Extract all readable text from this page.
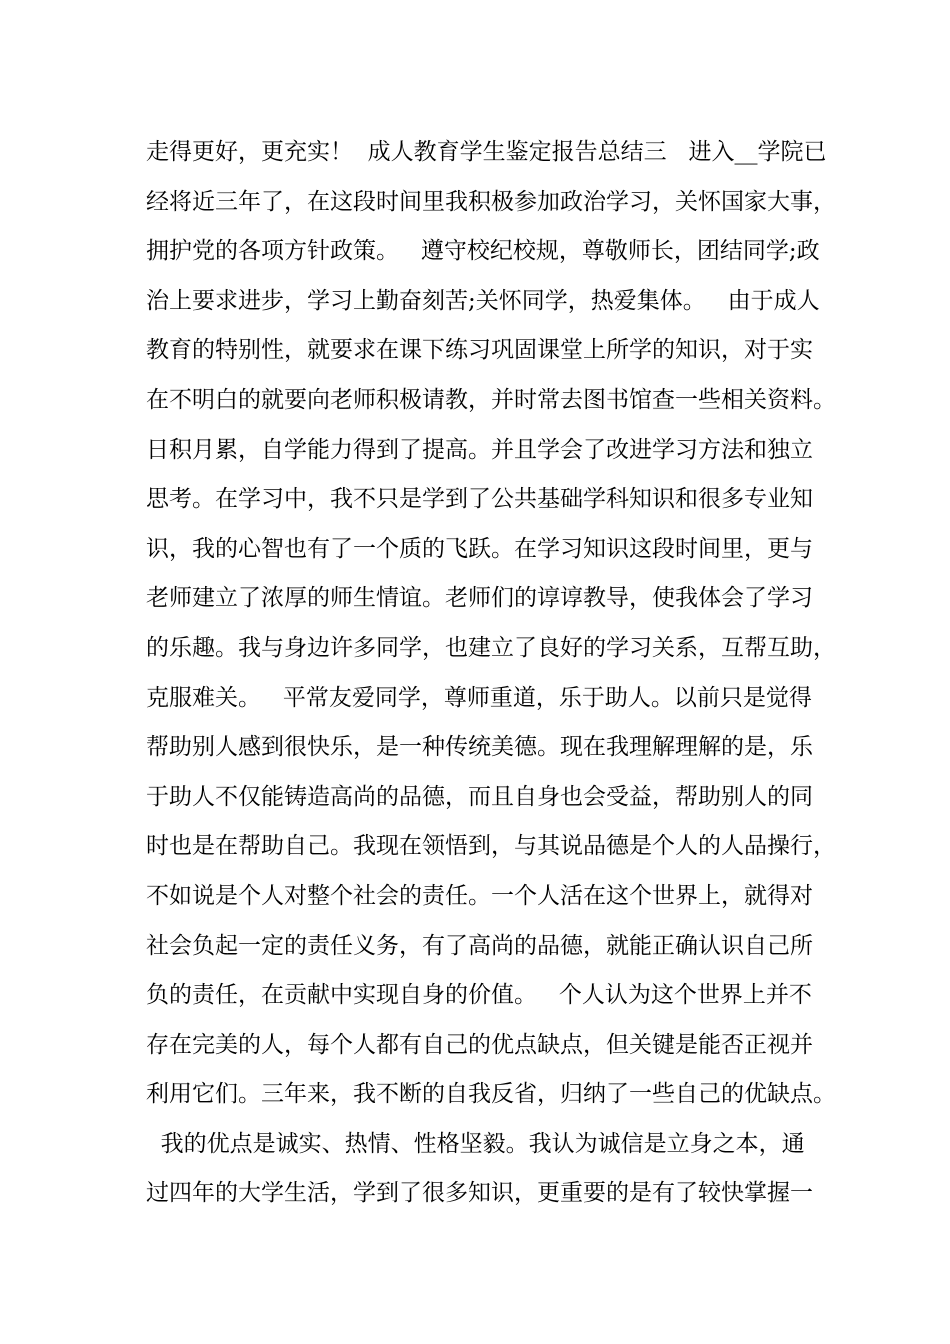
走得更好，更充实！  成人教育学生鉴定报告总结三   进入__学院已
经将近三年了，在这段时间里我积极参加政治学习，关怀国家大事，
拥护党的各项方针政策。   遵守校纪校规，尊敬师长，团结同学;政
治上要求进步，学习上勤奋刻苦;关怀同学，热爱集体。   由于成人
教育的特别性，就要求在课下练习巩固课堂上所学的知识，对于实
在不明白的就要向老师积极请教，并时常去图书馆查一些相关资料。
日积月累，自学能力得到了提高。并且学会了改进学习方法和独立
思考。在学习中，我不只是学到了公共基础学科知识和很多专业知
识，我的心智也有了一个质的飞跃。在学习知识这段时间里，更与
老师建立了浓厚的师生情谊。老师们的谆谆教导，使我体会了学习
的乐趣。我与身边许多同学，也建立了良好的学习关系，互帮互助，
克服难关。   平常友爱同学，尊师重道，乐于助人。以前只是觉得
帮助别人感到很快乐，是一种传统美德。现在我理解理解的是，乐
于助人不仅能铸造高尚的品德，而且自身也会受益，帮助别人的同
时也是在帮助自己。我现在领悟到，与其说品德是个人的人品操行，
不如说是个人对整个社会的责任。一个人活在这个世界上，就得对
社会负起一定的责任义务，有了高尚的品德，就能正确认识自己所
负的责任，在贡献中实现自身的价值。   个人认为这个世界上并不
存在完美的人，每个人都有自己的优点缺点，但关键是能否正视并
利用它们。三年来，我不断的自我反省，归纳了一些自己的优缺点。
我的优点是诚实、热情、性格坚毅。我认为诚信是立身之本，通
过四年的大学生活，学到了很多知识，更重要的是有了较快掌握一
